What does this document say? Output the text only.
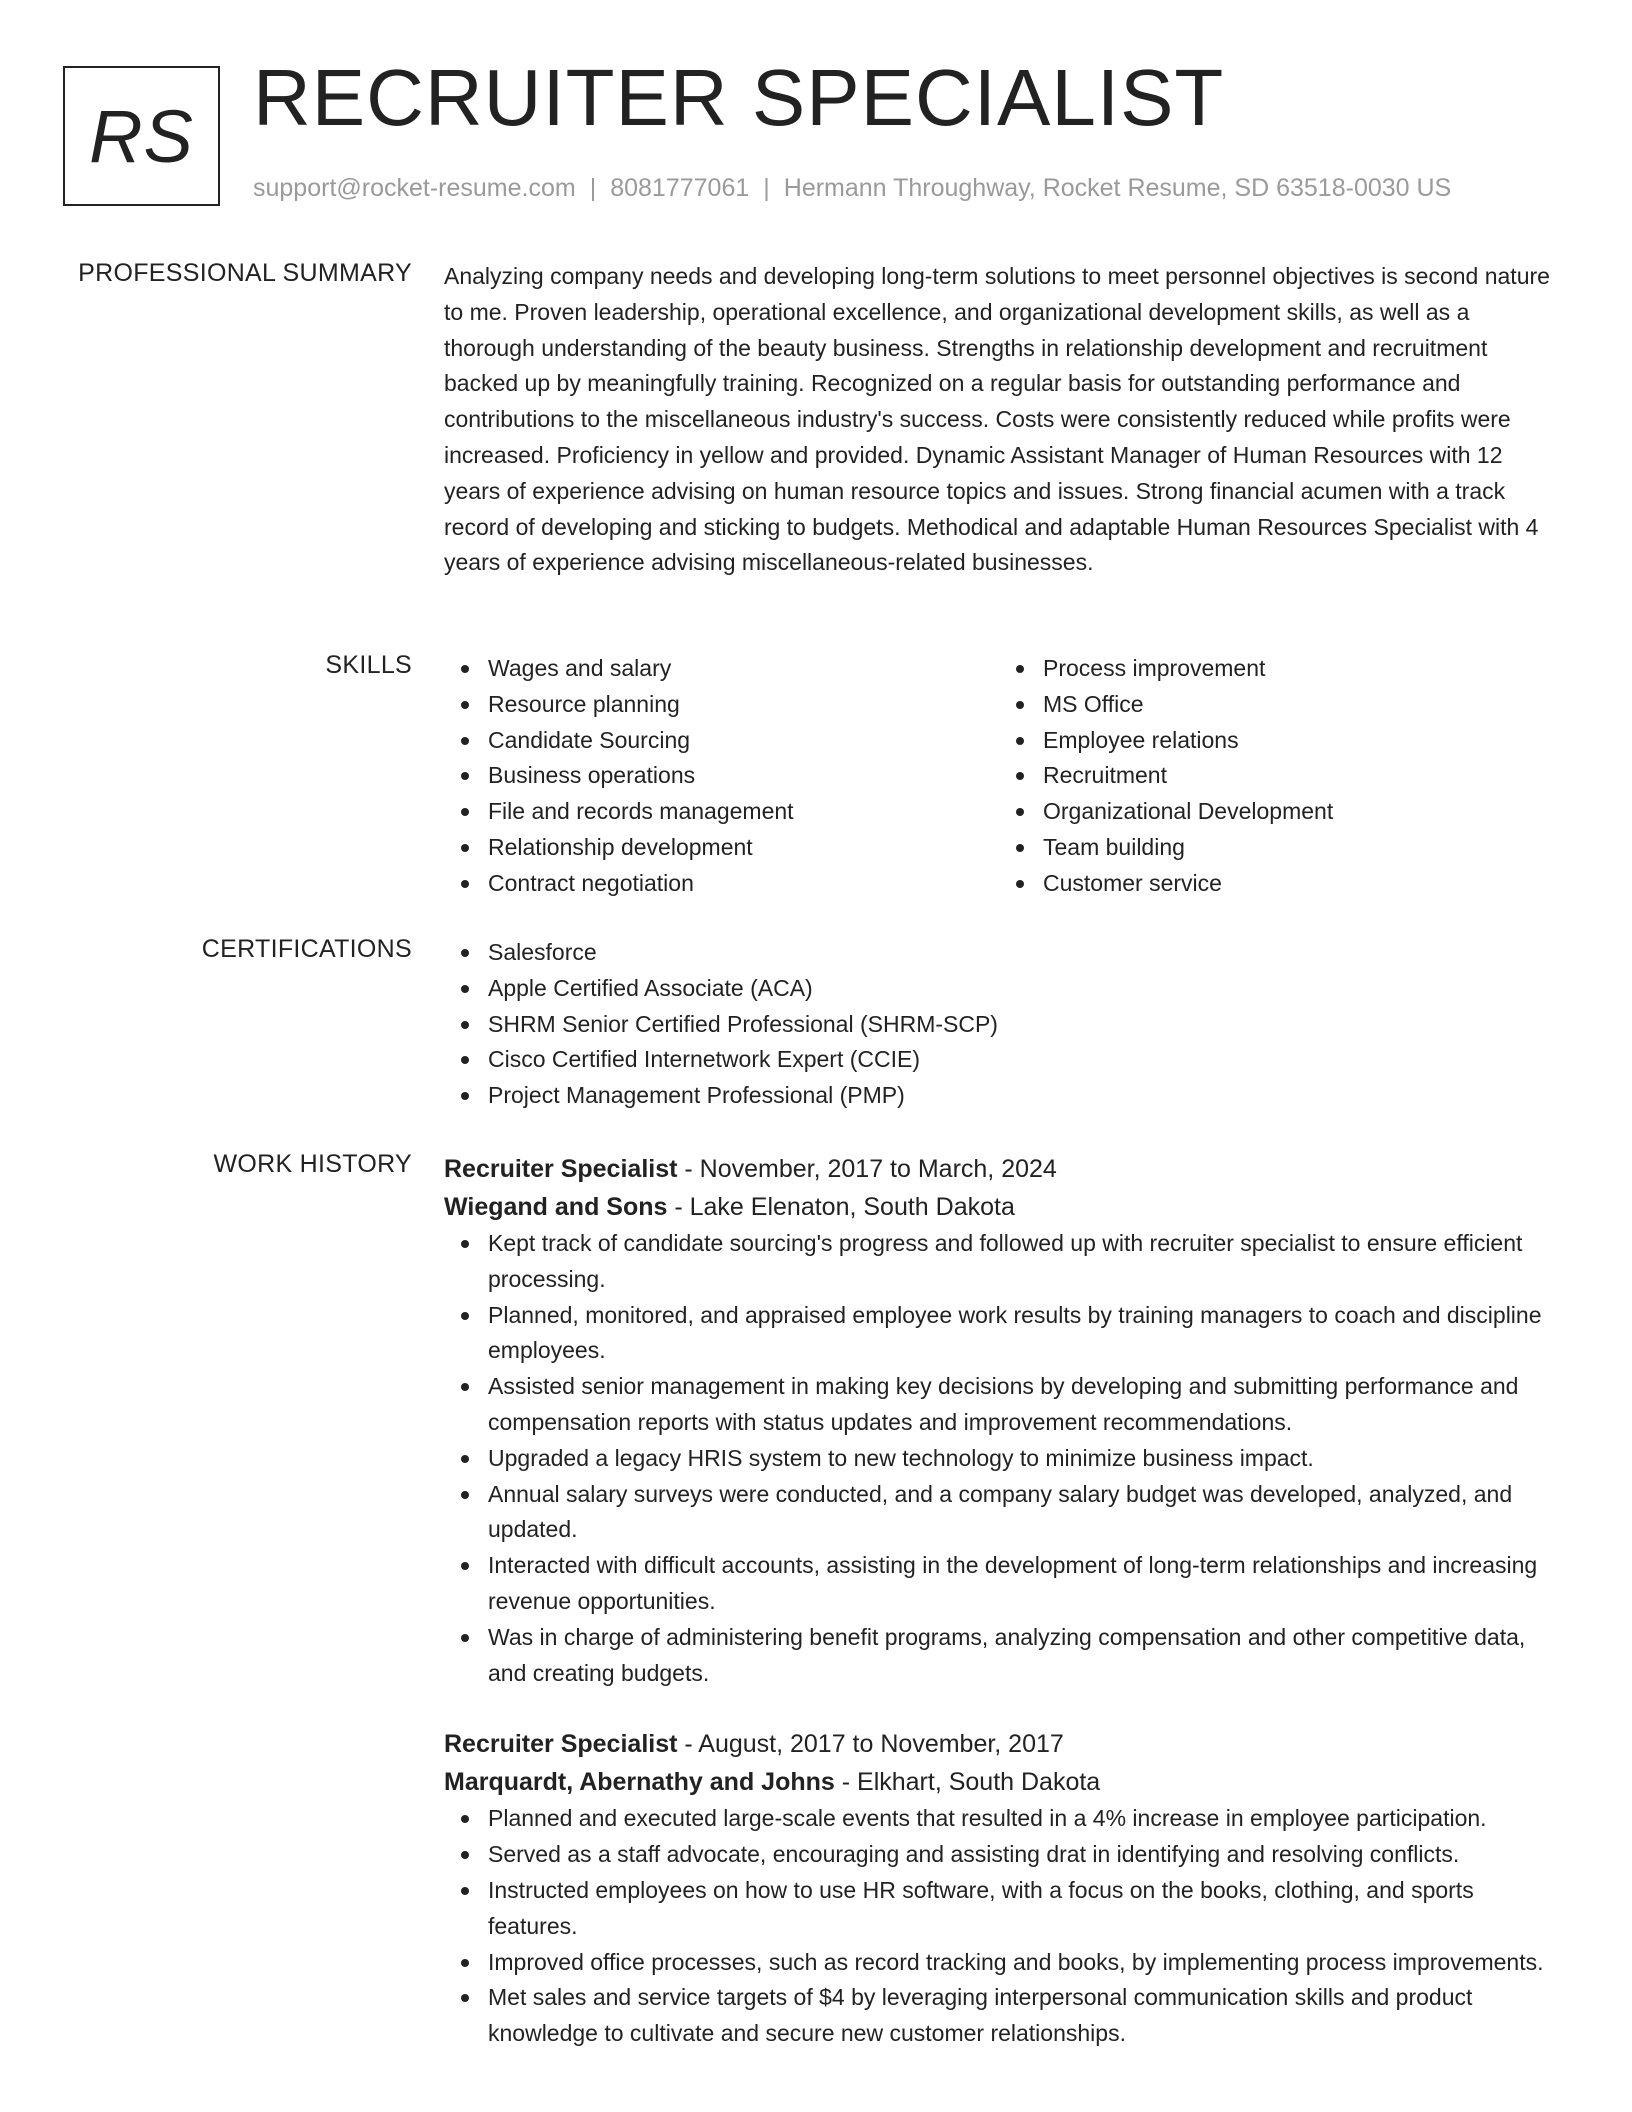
RS RECRUITER SPECIALIST
support@rocket-resume.com | 8081777061 | Hermann Throughway, Rocket Resume, SD 63518-0030 US
PROFESSIONAL SUMMARY Analyzing company needs and developing long-term solutions to meet personnel objectives is second nature to me. Proven leadership, operational excellence, and organizational development skills, as well as a thorough understanding of the beauty business. Strengths in relationship development and recruitment backed up by meaningfully training. Recognized on a regular basis for outstanding performance and contributions to the miscellaneous industry's success. Costs were consistently reduced while profits were increased. Proficiency in yellow and provided. Dynamic Assistant Manager of Human Resources with 12 years of experience advising on human resource topics and issues. Strong financial acumen with a track record of developing and sticking to budgets. Methodical and adaptable Human Resources Specialist with 4 years of experience advising miscellaneous-related businesses.

SKILLS	Wages and salary
Resource planning
Candidate Sourcing
Business operations
File and records management
Relationship development
Contract negotiation
Process improvement
MS Office
Employee relations
Recruitment
Organizational Development
Team building
Customer service
CERTIFICATIONS	Salesforce
Apple Certified Associate (ACA)
SHRM Senior Certified Professional (SHRM-SCP)
Cisco Certified Internetwork Expert (CCIE)
Project Management Professional (PMP)
WORK HISTORY Recruiter Specialist - November, 2017 to March, 2024
Wiegand and Sons - Lake Elenaton, South Dakota
Kept track of candidate sourcing's progress and followed up with recruiter specialist to ensure efficient processing.
Planned, monitored, and appraised employee work results by training managers to coach and discipline employees.
Assisted senior management in making key decisions by developing and submitting performance and compensation reports with status updates and improvement recommendations.
Upgraded a legacy HRIS system to new technology to minimize business impact.
Annual salary surveys were conducted, and a company salary budget was developed, analyzed, and updated.
Interacted with difficult accounts, assisting in the development of long-term relationships and increasing revenue opportunities.
Was in charge of administering benefit programs, analyzing compensation and other competitive data, and creating budgets.
Recruiter Specialist - August, 2017 to November, 2017
Marquardt, Abernathy and Johns - Elkhart, South Dakota
Planned and executed large-scale events that resulted in a 4% increase in employee participation.
Served as a staff advocate, encouraging and assisting drat in identifying and resolving conflicts.
Instructed employees on how to use HR software, with a focus on the books, clothing, and sports features.
Improved office processes, such as record tracking and books, by implementing process improvements.
Met sales and service targets of $4 by leveraging interpersonal communication skills and product knowledge to cultivate and secure new customer relationships.
